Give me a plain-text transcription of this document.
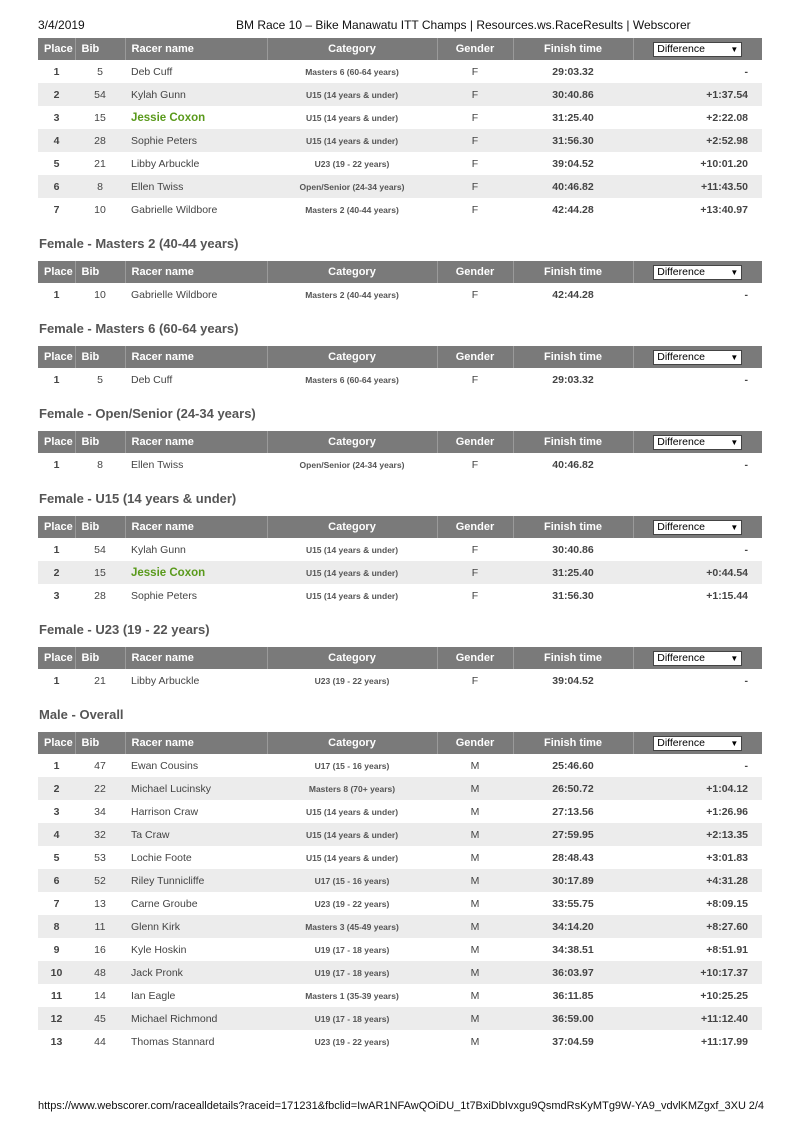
3/4/2019	BM Race 10 – Bike Manawatu ITT Champs | Resources.ws.RaceResults | Webscorer
Place	Bib	Racer name	Category	Gender	Finish time	Difference ▼

1	5	Deb Cuff	Masters 6 (60-64 years)	F	29:03.32	-
2	54	Kylah Gunn	U15 (14 years & under)	F	30:40.86	+1:37.54
3	15	Jessie Coxon	U15 (14 years & under)	F	31:25.40	+2:22.08
4	28	Sophie Peters	U15 (14 years & under)	F	31:56.30	+2:52.98
5	21	Libby Arbuckle	U23 (19 - 22 years)	F	39:04.52	+10:01.20
6	8	Ellen Twiss	Open/Senior (24-34 years)	F	40:46.82	+11:43.50
7	10	Gabrielle Wildbore	Masters 2 (40-44 years)	F	42:44.28	+13:40.97
Female - Masters 2 (40-44 years)
Place	Bib	Racer name	Category	Gender	Finish time	Difference ▼

1	10	Gabrielle Wildbore	Masters 2 (40-44 years)	F	42:44.28	-
Female - Masters 6 (60-64 years)
Place	Bib	Racer name	Category	Gender	Finish time	Difference ▼

1	5	Deb Cuff	Masters 6 (60-64 years)	F	29:03.32	-
Female - Open/Senior (24-34 years)
Place	Bib	Racer name	Category	Gender	Finish time	Difference ▼

1	8	Ellen Twiss	Open/Senior (24-34 years)	F	40:46.82	-
Female - U15 (14 years & under)
Place	Bib	Racer name	Category	Gender	Finish time	Difference ▼

1	54	Kylah Gunn	U15 (14 years & under)	F	30:40.86	-
2	15	Jessie Coxon	U15 (14 years & under)	F	31:25.40	+0:44.54
3	28	Sophie Peters	U15 (14 years & under)	F	31:56.30	+1:15.44
Female - U23 (19 - 22 years)
Place	Bib	Racer name	Category	Gender	Finish time	Difference ▼

1	21	Libby Arbuckle	U23 (19 - 22 years)	F	39:04.52	-
Male - Overall
Place	Bib	Racer name	Category	Gender	Finish time	Difference ▼

1	47	Ewan Cousins	U17 (15 - 16 years)	M	25:46.60	-
2	22	Michael Lucinsky	Masters 8 (70+ years)	M	26:50.72	+1:04.12
3	34	Harrison Craw	U15 (14 years & under)	M	27:13.56	+1:26.96
4	32	Ta Craw	U15 (14 years & under)	M	27:59.95	+2:13.35
5	53	Lochie Foote	U15 (14 years & under)	M	28:48.43	+3:01.83
6	52	Riley Tunnicliffe	U17 (15 - 16 years)	M	30:17.89	+4:31.28
7	13	Carne Groube	U23 (19 - 22 years)	M	33:55.75	+8:09.15
8	11	Glenn Kirk	Masters 3 (45-49 years)	M	34:14.20	+8:27.60
9	16	Kyle Hoskin	U19 (17 - 18 years)	M	34:38.51	+8:51.91
10	48	Jack Pronk	U19 (17 - 18 years)	M	36:03.97	+10:17.37
11	14	Ian Eagle	Masters 1 (35-39 years)	M	36:11.85	+10:25.25
12	45	Michael Richmond	U19 (17 - 18 years)	M	36:59.00	+11:12.40
13	44	Thomas Stannard	U23 (19 - 22 years)	M	37:04.59	+11:17.99
https://www.webscorer.com/racealldetails?raceid=171231&fbclid=IwAR1NFAwQOiDU_1t7BxiDbIvxgu9QsmdRsKyMTg9W-YA9_vdvlKMZgxf_3XU 2/4
